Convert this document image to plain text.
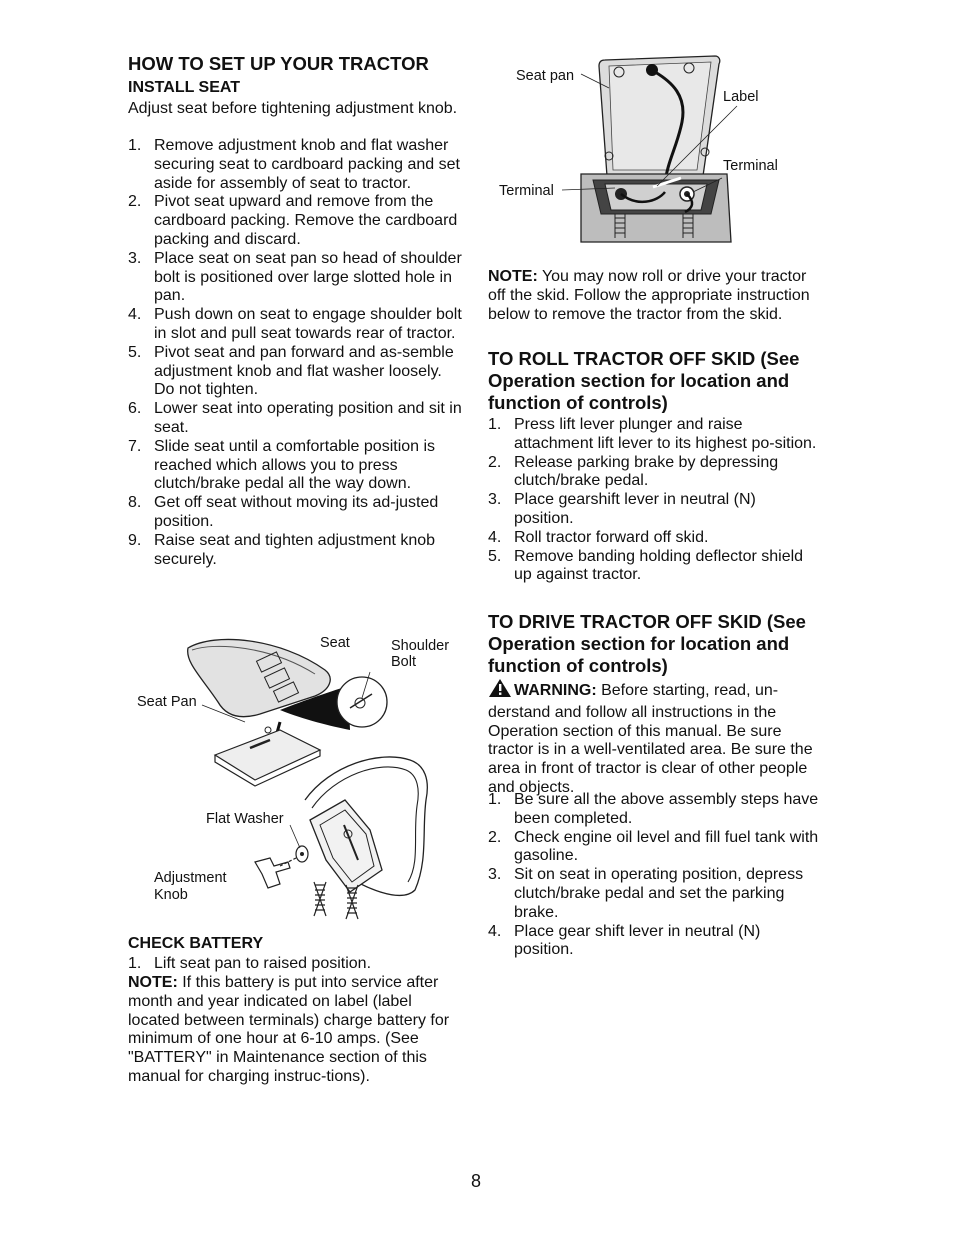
HOW TO SET UP YOUR TRACTOR
INSTALL SEAT
Adjust seat before tightening adjustment knob.
1. Remove adjustment knob and flat washer securing seat to cardboard packing and set aside for assembly of seat to tractor.
2. Pivot seat upward and remove from the cardboard packing. Remove the cardboard packing and discard.
3. Place seat on seat pan so head of shoulder bolt is positioned over large slotted hole in pan.
4. Push down on seat to engage shoulder bolt in slot and pull seat towards rear of tractor.
5. Pivot seat and pan forward and as-semble adjustment knob and flat washer loosely. Do not tighten.
6. Lower seat into operating position and sit in seat.
7. Slide seat until a comfortable position is reached which allows you to press clutch/brake pedal all the way down.
8. Get off seat without moving its ad-justed position.
9. Raise seat and tighten adjustment knob securely.
Seat	Shoulder
Bolt
Seat Pan
Flat Washer
Adjustment
Knob
CHECK BATTERY
1. Lift seat pan to raised position.
NOTE: If this battery is put into service after month and year indicated on label (label located between terminals) charge battery for minimum of one hour at 6-10 amps. (See "BATTERY" in Maintenance section of this manual for charging instruc-tions).
Seat pan
Label
Terminal
Terminal
NOTE: You may now roll or drive your tractor off the skid. Follow the appropriate instruction below to remove the tractor from the skid.
TO ROLL TRACTOR OFF SKID (See Operation section for location and function of controls)
1. Press lift lever plunger and raise attachment lift lever to its highest po-sition.
2. Release parking brake by depressing clutch/brake pedal.
3. Place gearshift lever in neutral (N) position.
4. Roll tractor forward off skid.
5. Remove banding holding deflector shield up against tractor.
TO DRIVE TRACTOR OFF SKID (See Operation section for location and function of controls)
WARNING: Before starting, read, un-derstand and follow all instructions in the Operation section of this manual. Be sure tractor is in a well-ventilated area. Be sure the area in front of tractor is clear of other people and objects.
1. Be sure all the above assembly steps have been completed.
2. Check engine oil level and fill fuel tank with gasoline.
3. Sit on seat in operating position, depress clutch/brake pedal and set the parking brake.
4. Place gear shift lever in neutral (N) position.
8
